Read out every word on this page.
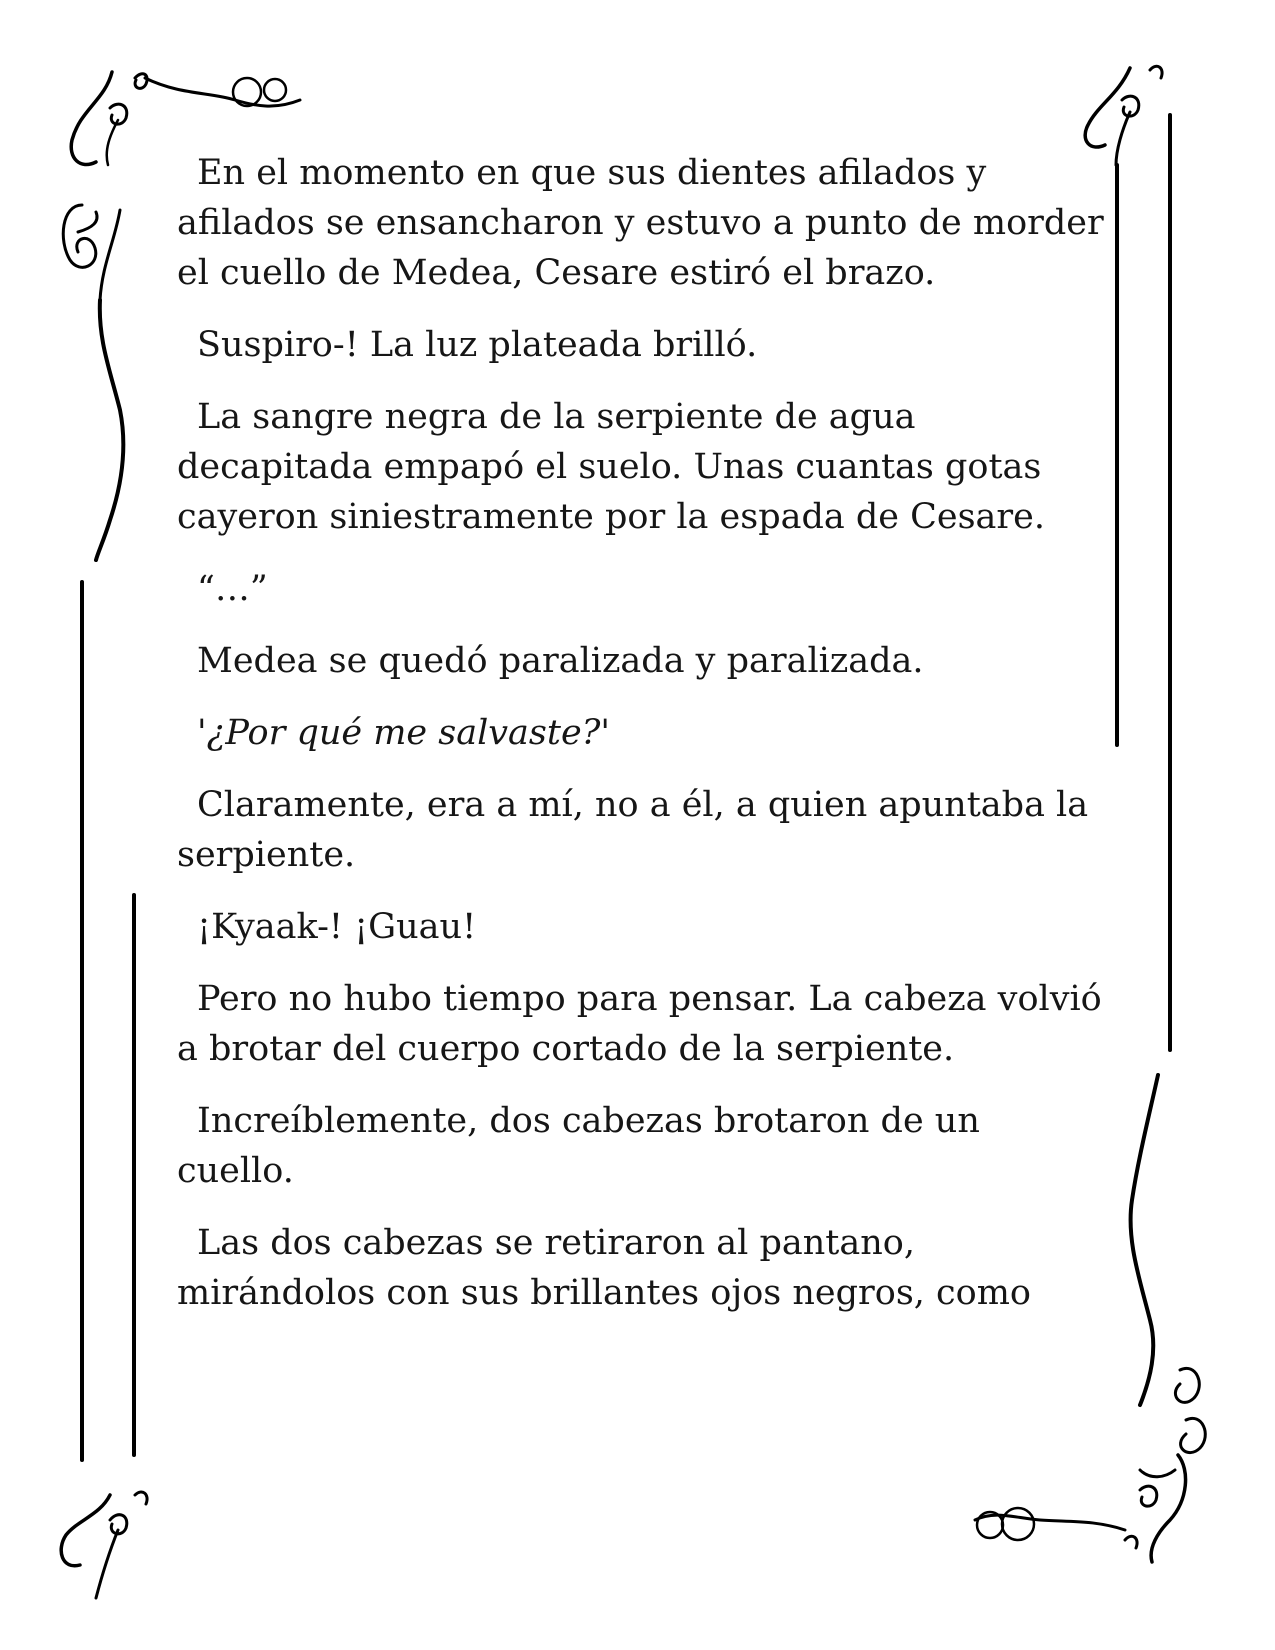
En el momento en que sus dientes afilados y afilados se ensancharon y estuvo a punto de morder el cuello de Medea, Cesare estiró el brazo.

Suspiro-! La luz plateada brilló.

La sangre negra de la serpiente de agua decapitada empapó el suelo. Unas cuantas gotas cayeron siniestramente por la espada de Cesare.

“…”

Medea se quedó paralizada y paralizada.

'¿Por qué me salvaste?'

Claramente, era a mí, no a él, a quien apuntaba la serpiente.

¡Kyaak-! ¡Guau!

Pero no hubo tiempo para pensar. La cabeza volvió a brotar del cuerpo cortado de la serpiente.

Increíblemente, dos cabezas brotaron de un cuello.

Las dos cabezas se retiraron al pantano, mirándolos con sus brillantes ojos negros, como
